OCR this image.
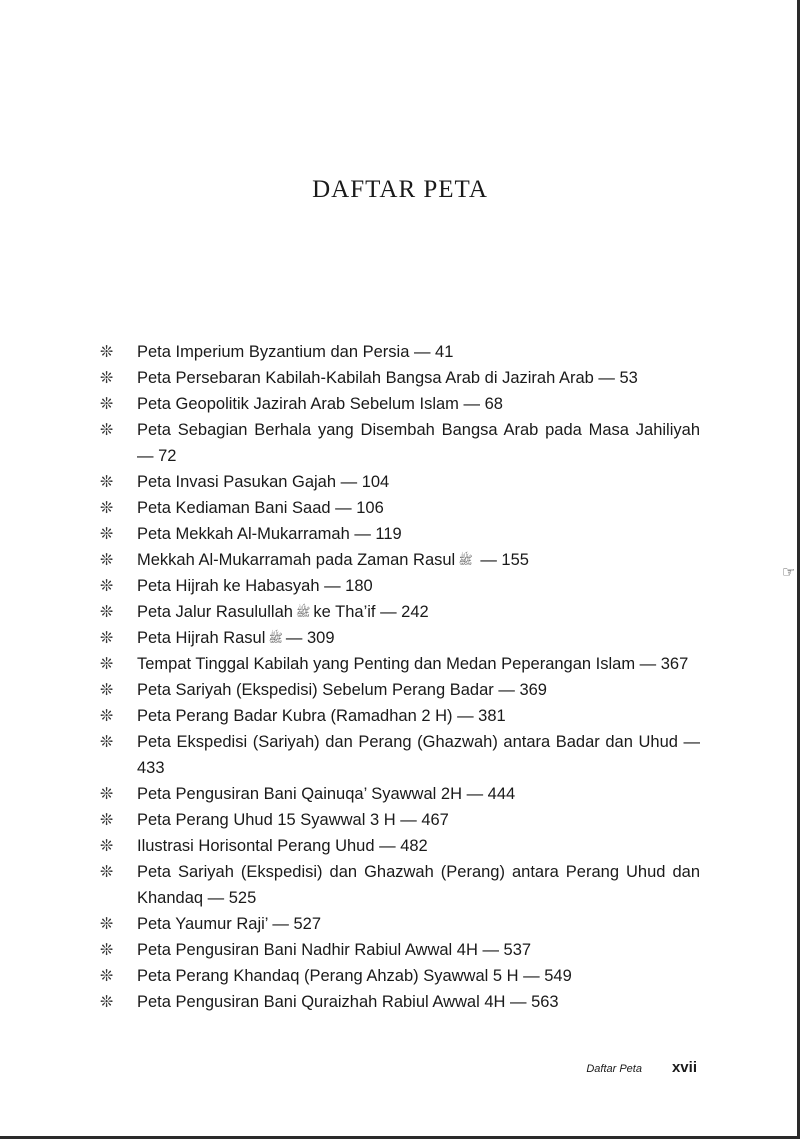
DAFTAR PETA
❊	Peta Imperium Byzantium dan Persia — 41
❊	Peta Persebaran Kabilah-Kabilah Bangsa Arab di Jazirah Arab — 53
❊	Peta Geopolitik Jazirah Arab Sebelum Islam — 68
❊	Peta Sebagian Berhala yang Disembah Bangsa Arab pada Masa Jahiliyah — 72
❊	Peta Invasi Pasukan Gajah — 104
❊	Peta Kediaman Bani Saad — 106
❊	Peta Mekkah Al-Mukarramah — 119
❊	Mekkah Al-Mukarramah pada Zaman Rasul ﷺ — 155
❊	Peta Hijrah ke Habasyah — 180
❊	Peta Jalur Rasulullah ﷺ ke Tha’if — 242
❊	Peta Hijrah Rasul ﷺ — 309
❊	Tempat Tinggal Kabilah yang Penting dan Medan Peperangan Islam — 367
❊	Peta Sariyah (Ekspedisi) Sebelum Perang Badar — 369
❊	Peta Perang Badar Kubra (Ramadhan 2 H) — 381
❊	Peta Ekspedisi (Sariyah) dan Perang (Ghazwah) antara Badar dan Uhud — 433
❊	Peta Pengusiran Bani Qainuqa’ Syawwal 2H — 444
❊	Peta Perang Uhud 15 Syawwal 3 H — 467
❊	Ilustrasi Horisontal Perang Uhud — 482
❊	Peta Sariyah (Ekspedisi) dan Ghazwah (Perang) antara Perang Uhud dan Khandaq — 525
❊	Peta Yaumur Raji’ — 527
❊	Peta Pengusiran Bani Nadhir Rabiul Awwal 4H — 537
❊	Peta Perang Khandaq (Perang Ahzab) Syawwal 5 H — 549
❊	Peta Pengusiran Bani Quraizhah Rabiul Awwal 4H — 563
☞
Daftar Peta xvii
